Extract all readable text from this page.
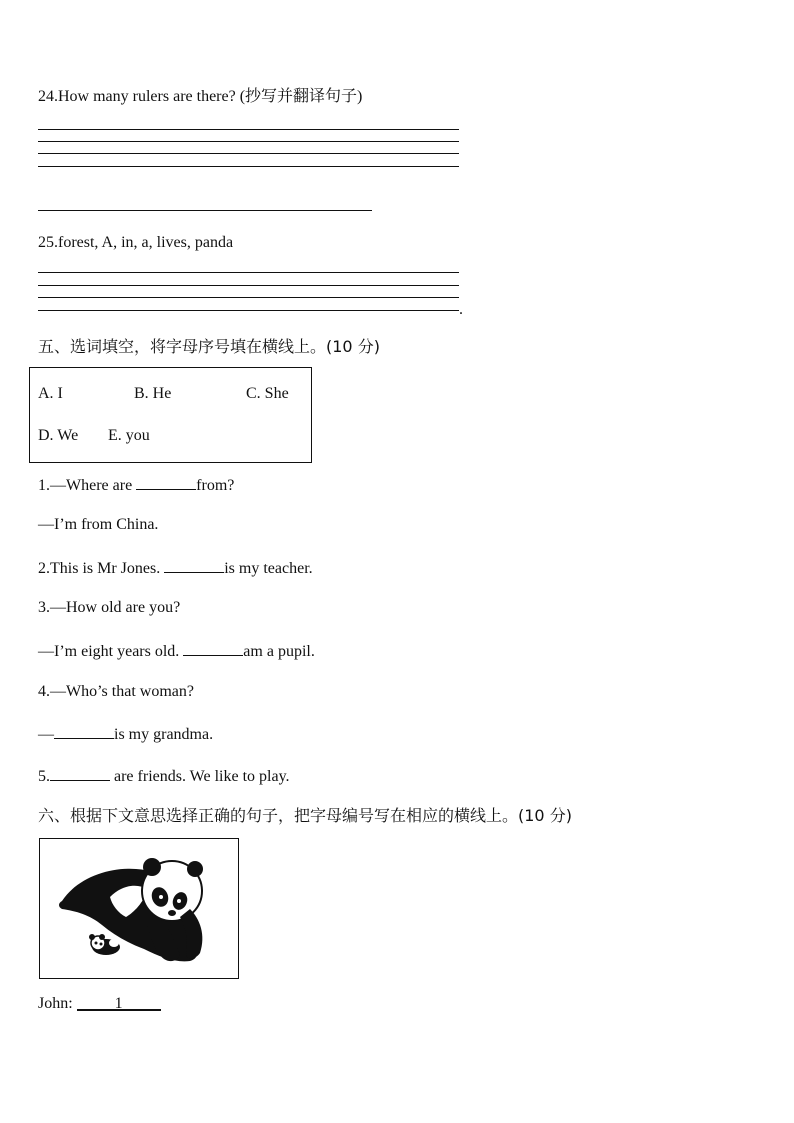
24.How many rulers are there? (抄写并翻译句子)
25.forest, A, in, a, lives, panda
.
五、选词填空，将字母序号填在横线上。(10 分)
A. I	B. He	C. She
D. We E. you
1.—Where are	from?
—I’m from China.
2.This is Mr Jones.	is my teacher.
3.—How old are you?
—I’m eight years old.	am a pupil.
4.—Who’s that woman?
—	is my grandma.
5.	are friends. We like to play.
六、根据下文意思选择正确的句子，把字母编号写在相应的横线上。(10 分)
John: 1
